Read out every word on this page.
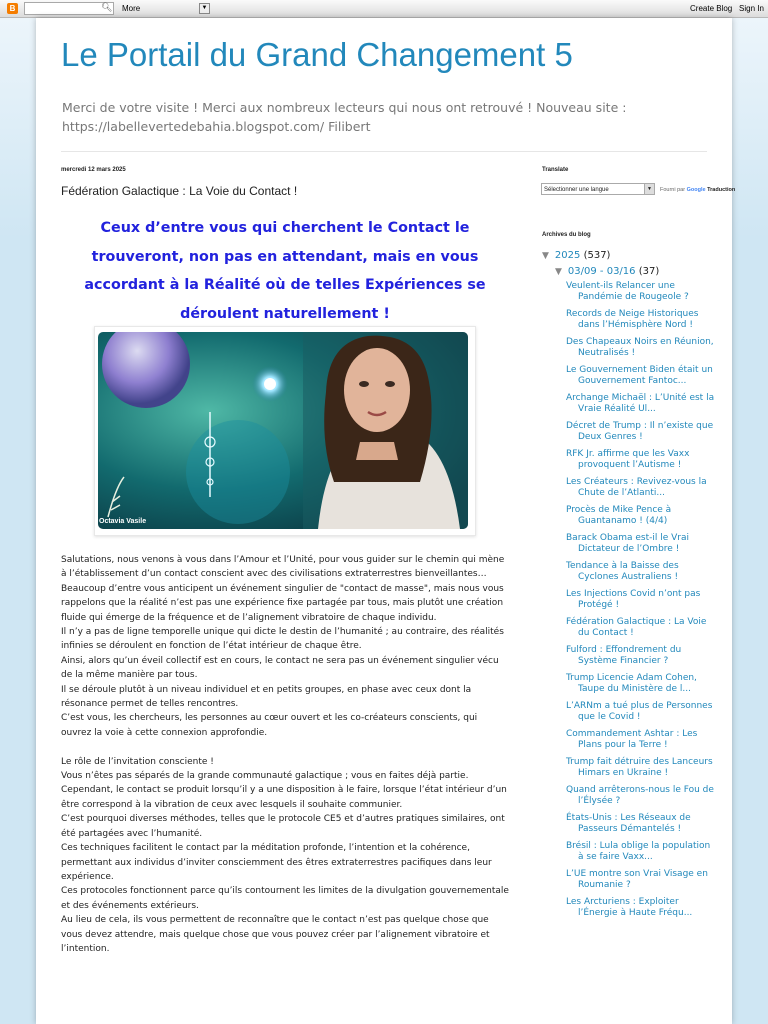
B	🔍︎ More	▼	Create Blog Sign In
Le Portail du Grand Changement 5
Merci de votre visite ! Merci aux nombreux lecteurs qui nous ont retrouvé ! Nouveau site : https://labellevertedebahia.blogspot.com/ Filibert
mercredi 12 mars 2025
Fédération Galactique : La Voie du Contact !
Ceux d’entre vous qui cherchent le Contact le trouveront, non pas en attendant, mais en vous accordant à la Réalité où de telles Expériences se déroulent naturellement !
Octavia Vasile

Salutations, nous venons à vous dans l’Amour et l’Unité, pour vous guider sur le chemin qui mène à l’établissement d’un contact conscient avec des civilisations extraterrestres bienveillantes…

Beaucoup d’entre vous anticipent un événement singulier de "contact de masse", mais nous vous rappelons que la réalité n’est pas une expérience fixe partagée par tous, mais plutôt une création fluide qui émerge de la fréquence et de l’alignement vibratoire de chaque individu.

Il n’y a pas de ligne temporelle unique qui dicte le destin de l’humanité ; au contraire, des réalités infinies se déroulent en fonction de l’état intérieur de chaque être.

Ainsi, alors qu’un éveil collectif est en cours, le contact ne sera pas un événement singulier vécu de la même manière par tous.

Il se déroule plutôt à un niveau individuel et en petits groupes, en phase avec ceux dont la résonance permet de telles rencontres.

C’est vous, les chercheurs, les personnes au cœur ouvert et les co-créateurs conscients, qui ouvrez la voie à cette connexion approfondie.

Le rôle de l’invitation consciente !

Vous n’êtes pas séparés de la grande communauté galactique ; vous en faites déjà partie.

Cependant, le contact se produit lorsqu’il y a une disposition à le faire, lorsque l’état intérieur d’un être correspond à la vibration de ceux avec lesquels il souhaite communier.

C’est pourquoi diverses méthodes, telles que le protocole CE5 et d’autres pratiques similaires, ont été partagées avec l’humanité.

Ces techniques facilitent le contact par la méditation profonde, l’intention et la cohérence, permettant aux individus d’inviter consciemment des êtres extraterrestres pacifiques dans leur expérience.

Ces protocoles fonctionnent parce qu’ils contournent les limites de la divulgation gouvernementale et des événements extérieurs.

Au lieu de cela, ils vous permettent de reconnaître que le contact n’est pas quelque chose que vous devez attendre, mais quelque chose que vous pouvez créer par l’alignement vibratoire et l’intention.

Translate
Sélectionner une langue	▼	Fourni par Google Traduction
Archives du blog
▼ 2025 (537)
▼ 03/09 - 03/16 (37)
Veulent-ils Relancer une Pandémie de Rougeole ?
Records de Neige Historiques dans l’Hémisphère Nord !
Des Chapeaux Noirs en Réunion, Neutralisés !
Le Gouvernement Biden était un Gouvernement Fantoc...
Archange Michaël : L’Unité est la Vraie Réalité Ul...
Décret de Trump : Il n’existe que Deux Genres !
RFK Jr. affirme que les Vaxx provoquent l’Autisme !
Les Créateurs : Revivez-vous la Chute de l’Atlanti...
Procès de Mike Pence à Guantanamo ! (4/4)
Barack Obama est-il le Vrai Dictateur de l’Ombre !
Tendance à la Baisse des Cyclones Australiens !
Les Injections Covid n’ont pas Protégé !
Fédération Galactique : La Voie du Contact !
Fulford : Effondrement du Système Financier ?
Trump Licencie Adam Cohen, Taupe du Ministère de l...
L’ARNm a tué plus de Personnes que le Covid !
Commandement Ashtar : Les Plans pour la Terre !
Trump fait détruire des Lanceurs Himars en Ukraine !
Quand arrêterons-nous le Fou de l’Élysée ?
États-Unis : Les Réseaux de Passeurs Démantelés !
Brésil : Lula oblige la population à se faire Vaxx...
L’UE montre son Vrai Visage en Roumanie ?
Les Arcturiens : Exploiter l’Énergie à Haute Fréqu...
